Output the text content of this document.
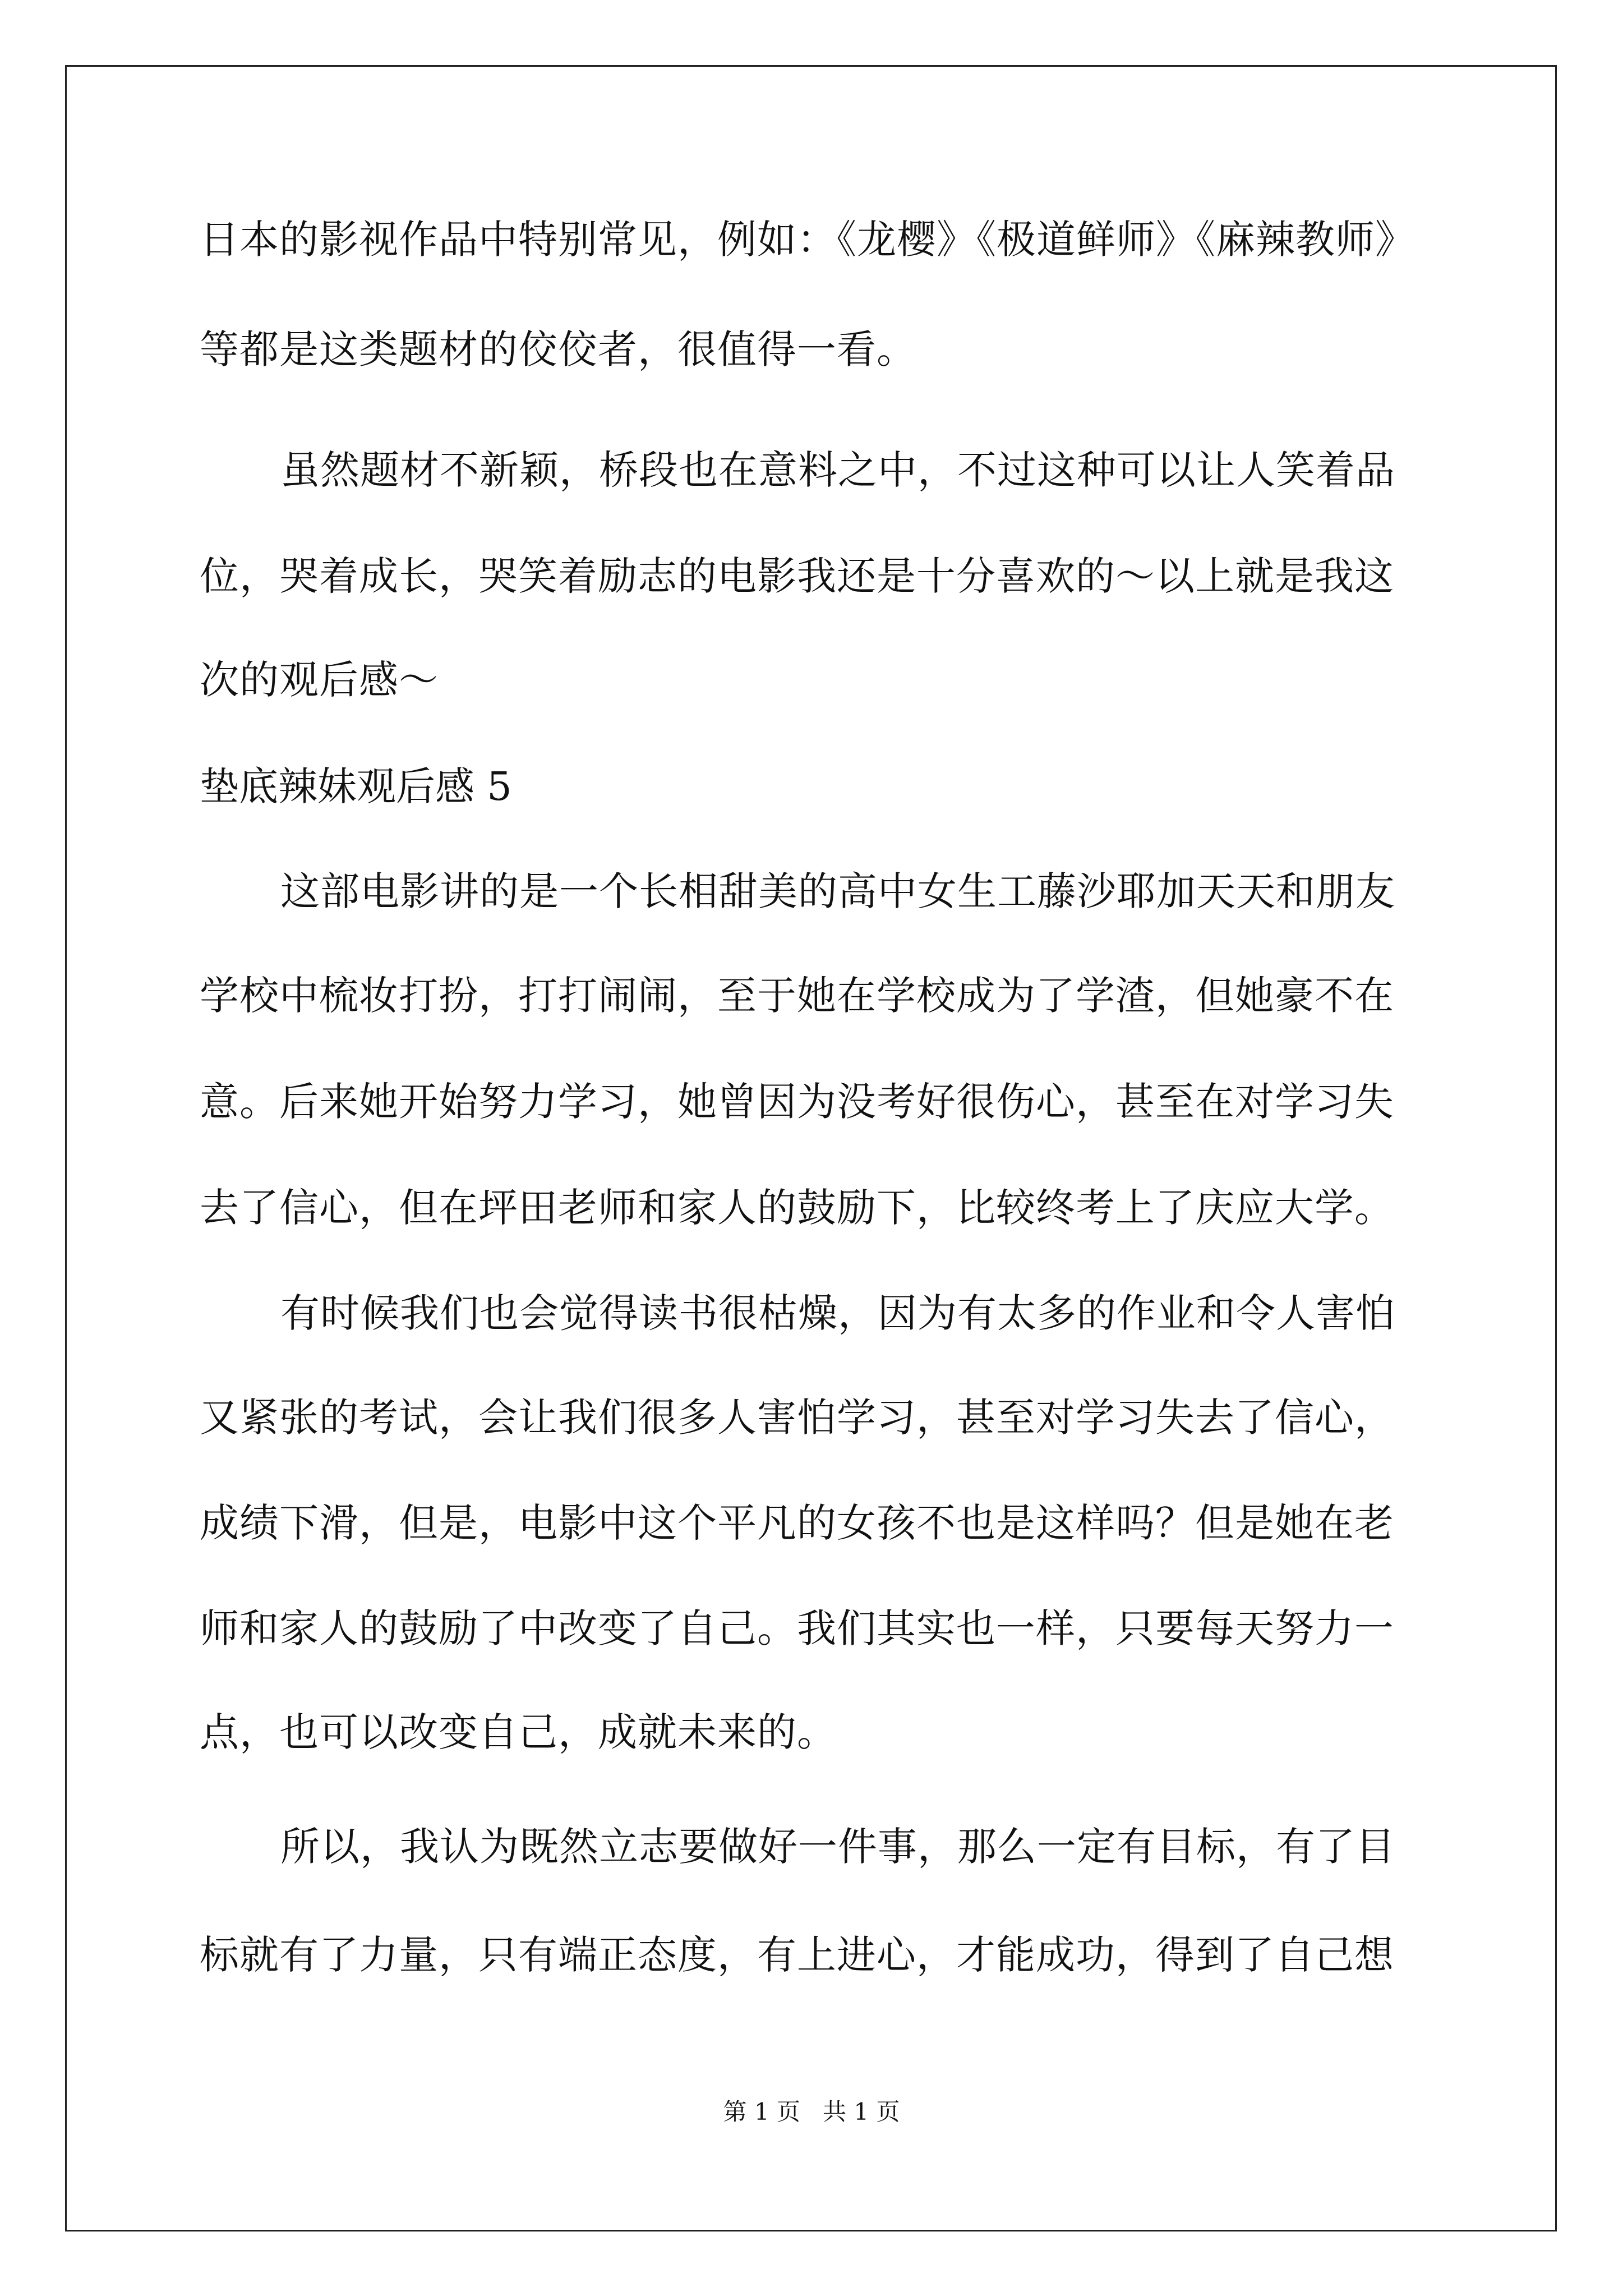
日本的影视作品中特别常见，例如：《龙樱》《极道鲜师》《麻辣教师》
等都是这类题材的佼佼者，很值得一看。
虽然题材不新颖，桥段也在意料之中，不过这种可以让人笑着品
位，哭着成长，哭笑着励志的电影我还是十分喜欢的～以上就是我这
次的观后感～
垫底辣妹观后感 5
这部电影讲的是一个长相甜美的高中女生工藤沙耶加天天和朋友
学校中梳妆打扮，打打闹闹，至于她在学校成为了学渣，但她豪不在
意。后来她开始努力学习，她曾因为没考好很伤心，甚至在对学习失
去了信心，但在坪田老师和家人的鼓励下，比较终考上了庆应大学。
有时候我们也会觉得读书很枯燥，因为有太多的作业和令人害怕
又紧张的考试，会让我们很多人害怕学习，甚至对学习失去了信心，
成绩下滑，但是，电影中这个平凡的女孩不也是这样吗？但是她在老
师和家人的鼓励了中改变了自己。我们其实也一样，只要每天努力一
点，也可以改变自己，成就未来的。
所以，我认为既然立志要做好一件事，那么一定有目标，有了目
标就有了力量，只有端正态度，有上进心，才能成功，得到了自己想
第 1 页   共 1 页
